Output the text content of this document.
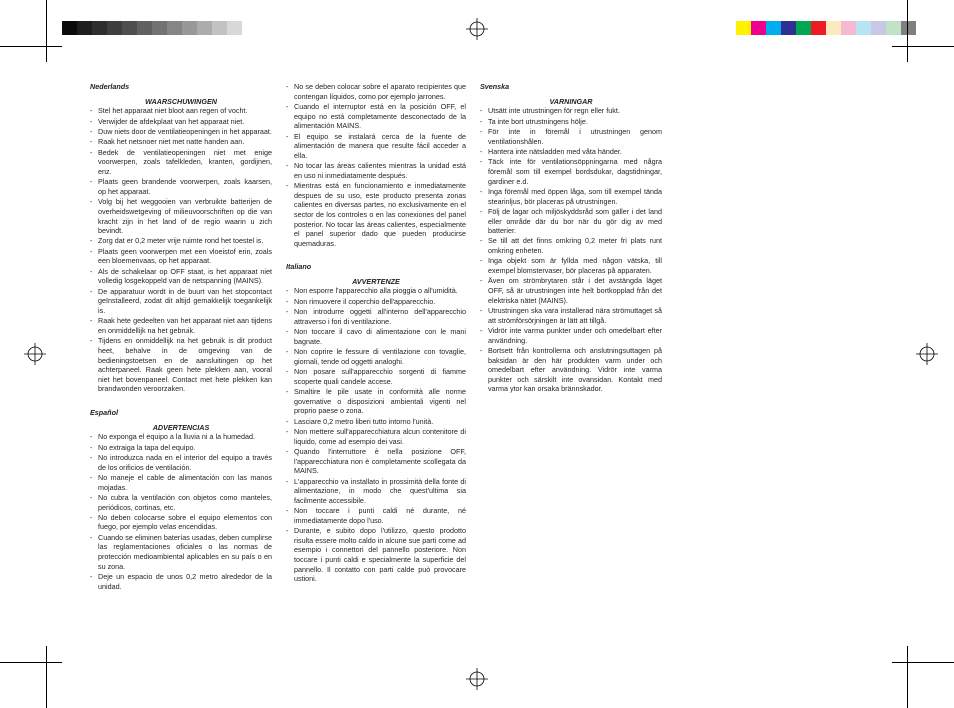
Nederlands
WAARSCHUWINGEN
- Stel het apparaat niet bloot aan regen of vocht.
- Verwijder de afdekplaat van het apparaat niet.
- Duw niets door de ventilatieopeningen in het apparaat.
- Raak het netsnoer niet met natte handen aan.
- Bedek de ventilatieopeningen niet met enige voorwerpen, zoals tafelkleden, kranten, gordijnen, enz.
- Plaats geen brandende voorwerpen, zoals kaarsen, op het apparaat.
- Volg bij het weggooien van verbruikte batterijen de overheidswetgeving of milieuvoorschriften op die van kracht zijn in het land of de regio waarin u zich bevindt.
- Zorg dat er 0,2 meter vrije ruimte rond het toestel is.
- Plaats geen voorwerpen met een vloeistof erin, zoals een bloemenvaas, op het apparaat.
- Als de schakelaar op OFF staat, is het apparaat niet volledig losgekoppeld van de netspanning (MAINS).
- De apparatuur wordt in de buurt van het stopcontact geïnstalleerd, zodat dit altijd gemakkelijk toegankelijk is.
- Raak hete gedeelten van het apparaat niet aan tijdens en onmiddellijk na het gebruik.
- Tijdens en onmiddellijk na het gebruik is dit product heet, behalve in de omgeving van de bedieningstoetsen en de aansluitingen op het achterpaneel. Raak geen hete plekken aan, vooral niet het bovenpaneel. Contact met hete plekken kan brandwonden veroorzaken.
Español
ADVERTENCIAS
- No exponga el equipo a la lluvia ni a la humedad.
- No extraiga la tapa del equipo.
- No introduzca nada en el interior del equipo a través de los orificios de ventilación.
- No maneje el cable de alimentación con las manos mojadas.
- No cubra la ventilación con objetos como manteles, periódicos, cortinas, etc.
- No deben colocarse sobre el equipo elementos con fuego, por ejemplo velas encendidas.
- Cuando se eliminen baterías usadas, deben cumplirse las reglamentaciones oficiales o las normas de protección medioambiental aplicables en su país o en su zona.
- Deje un espacio de unos 0,2 metro alrededor de la unidad.
- No se deben colocar sobre el aparato recipientes que contengan líquidos, como por ejemplo jarrones.
- Cuando el interruptor está en la posición OFF, el equipo no está completamente desconectado de la alimentación MAINS.
- El equipo se instalará cerca de la fuente de alimentación de manera que resulte fácil acceder a ella.
- No tocar las áreas calientes mientras la unidad está en uso ni inmediatamente después.
- Mientras está en funcionamiento e inmediatamente despues de su uso, este producto presenta zonas calientes en diversas partes, no exclusivamente en el sector de los controles o en las conexiones del panel posterior. No tocar las áreas calientes, especialmente el panel superior dado que pueden producirse quemaduras.
Italiano
AVVERTENZE
- Non esporre l'apparecchio alla pioggia o all'umidità.
- Non rimuovere il coperchio dell'apparecchio.
- Non introdurre oggetti all'interno dell'apparecchio attraverso i fori di ventilazione.
- Non toccare il cavo di alimentazione con le mani bagnate.
- Non coprire le fessure di ventilazione con tovaglie, giornali, tende od oggetti analoghi.
- Non posare sull'apparecchio sorgenti di fiamme scoperte quali candele accese.
- Smaltire le pile usate in conformità alle norme governative o disposizioni ambientali vigenti nel proprio paese o zona.
- Lasciare 0,2 metro liberi tutto intorno l'unità.
- Non mettere sull'apparecchiatura alcun contenitore di liquido, come ad esempio dei vasi.
- Quando l'interruttore è nella posizione OFF, l'apparecchiatura non è completamente scollegata da MAINS.
- L'apparecchio va installato in prossimità della fonte di alimentazione, in modo che quest'ultima sia facilmente accessibile.
- Non toccare i punti caldi né durante, né immediatamente dopo l'uso.
- Durante, e subito dopo l'utilizzo, questo prodotto risulta essere molto caldo in alcune sue parti come ad esempio i connettori del pannello posteriore. Non toccare i punti caldi e specialmente la superficie del pannello. Il contatto con parti calde può provocare ustioni.
Svenska
VARNINGAR
- Utsätt inte utrustningen för regn eller fukt.
- Ta inte bort utrustningens hölje.
- För inte in föremål i utrustningen genom ventilationshålen.
- Hantera inte nätsladden med våta händer.
- Täck inte för ventilationsöppningarna med några föremål som till exempel bordsdukar, dagstidningar, gardiner e.d.
- Inga föremål med öppen låga, som till exempel tända stearinljus, bör placeras på utrustningen.
- Följ de lagar och miljöskyddsråd som gäller i det land eller område där du bor när du gör dig av med batterier.
- Se till att det finns omkring 0,2 meter fri plats runt omkring enheten.
- Inga objekt som är fyllda med någon vätska, till exempel blomstervaser, bör placeras på apparaten.
- Även om strömbrytaren står i det avstängda läget OFF, så är utrustningen inte helt bortkopplad från det elektriska nätet (MAINS).
- Utrustningen ska vara installerad nära strömuttaget så att strömförsörjningen är lätt att tillgå.
- Vidrör inte varma punkter under och omedelbart efter användning.
- Bortsett från kontrollerna och anslutningsuttagen på baksidan är den här produkten varm under och omedelbart efter användning. Vidrör inte varma punkter och särskilt inte ovansidan. Kontakt med varma ytor kan orsaka brännskador.
